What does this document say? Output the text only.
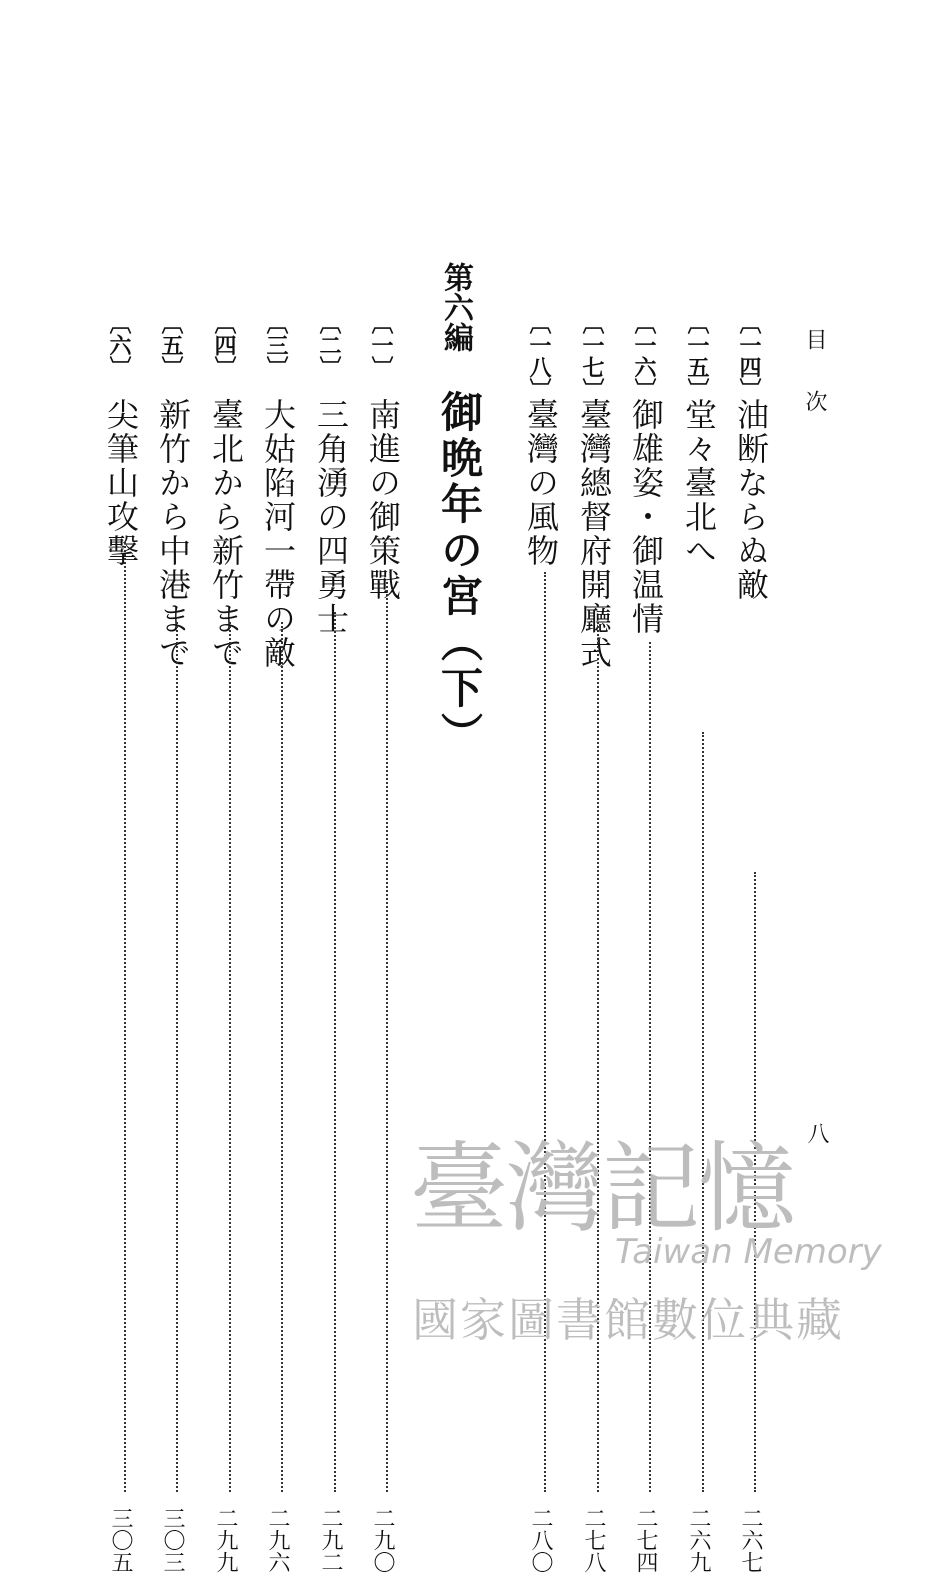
目次
八
〔一四〕
油断ならぬ敵
二六七
〔一五〕
堂々臺北へ
二六九
〔一六〕
御雄姿・御温情
二七四
〔一七〕
臺灣總督府開廳式
二七八
〔一八〕
臺灣の風物
二八〇
第六編
御晩年の宮（下）
〔一〕
南進の御策戰
二九〇
〔二〕
三角湧の四勇士
二九二
〔三〕
大姑陷河一帶の敵
二九六
〔四〕
臺北から新竹まで
二九九
〔五〕
新竹から中港まで
三〇三
〔六〕
尖筆山攻擊
三〇五
臺灣記憶
Taiwan Memory
國家圖書館數位典藏
